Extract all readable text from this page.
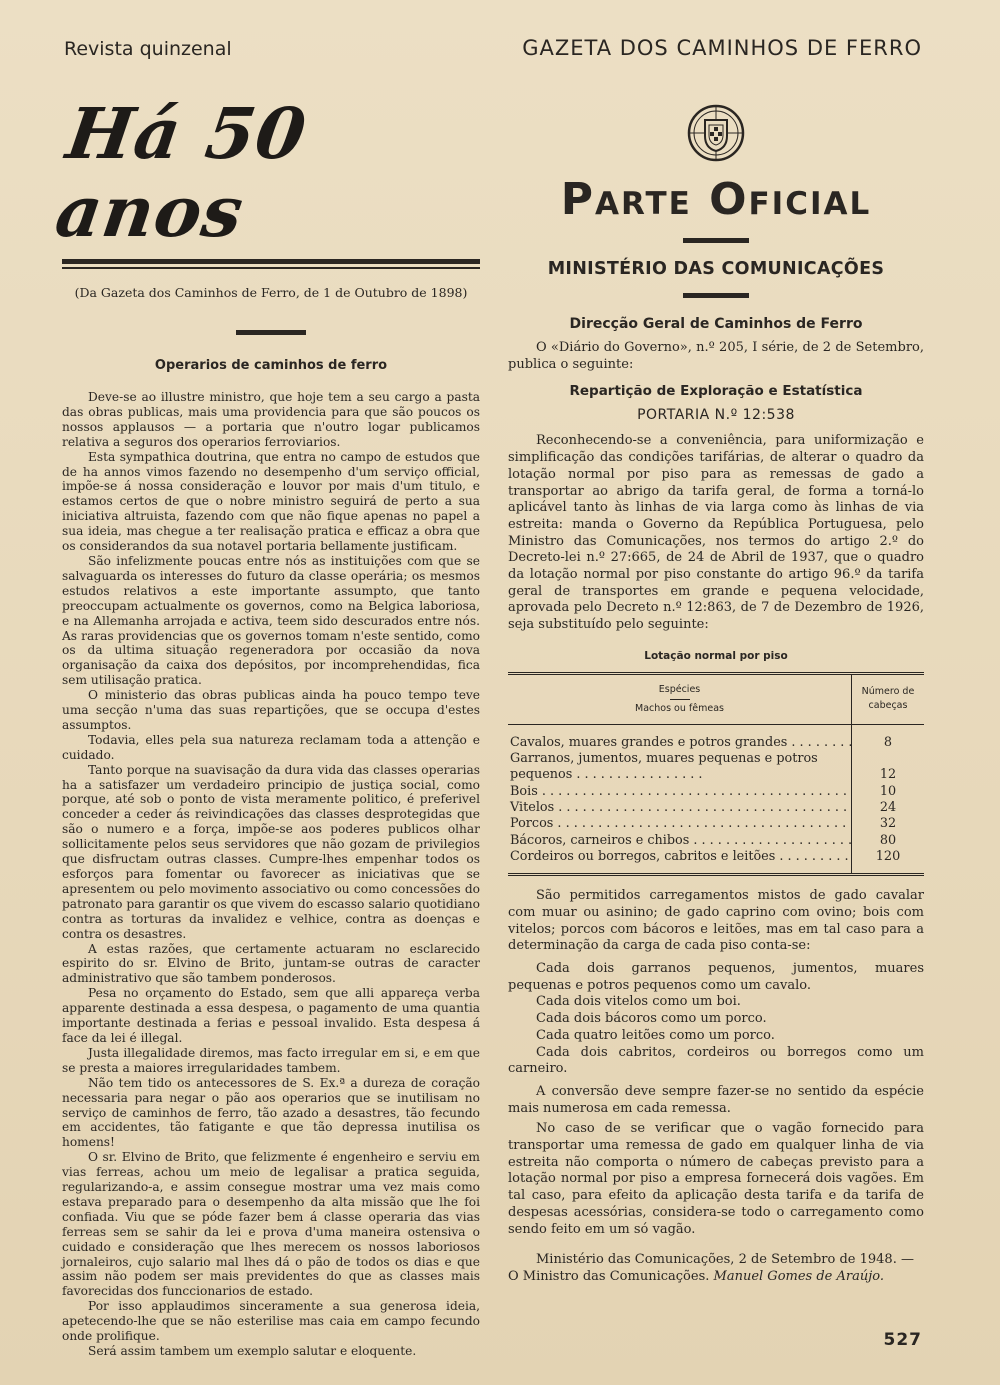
Revista quinzenal	GAZETA DOS CAMINHOS DE FERRO
Há 50 anos
(Da Gazeta dos Caminhos de Ferro, de 1 de Outubro de 1898)
Operarios de caminhos de ferro

Deve-se ao illustre ministro, que hoje tem a seu cargo a pasta das obras publicas, mais uma providencia para que são poucos os nossos applausos — a portaria que n'outro logar publicamos relativa a seguros dos operarios ferroviarios.

Esta sympathica doutrina, que entra no campo de estudos que de ha annos vimos fazendo no desempenho d'um serviço official, impõe-se á nossa consideração e louvor por mais d'um titulo, e estamos certos de que o nobre ministro seguirá de perto a sua iniciativa altruista, fazendo com que não fique apenas no papel a sua ideia, mas chegue a ter realisação pratica e efficaz a obra que os considerandos da sua notavel portaria bellamente justificam.

São infelizmente poucas entre nós as instituições com que se salvaguarda os interesses do futuro da classe operária; os mesmos estudos relativos a este importante assumpto, que tanto preoccupam actualmente os governos, como na Belgica laboriosa, e na Allemanha arrojada e activa, teem sido descurados entre nós. As raras providencias que os governos tomam n'este sentido, como os da ultima situação regeneradora por occasião da nova organisação da caixa dos depósitos, por incomprehendidas, fica sem utilisação pratica.

O ministerio das obras publicas ainda ha pouco tempo teve uma secção n'uma das suas repartições, que se occupa d'estes assumptos.

Todavia, elles pela sua natureza reclamam toda a attenção e cuidado.

Tanto porque na suavisação da dura vida das classes operarias ha a satisfazer um verdadeiro principio de justiça social, como porque, até sob o ponto de vista meramente politico, é preferivel conceder a ceder ás reivindicações das classes desprotegidas que são o numero e a força, impõe-se aos poderes publicos olhar sollicitamente pelos seus servidores que não gozam de privilegios que disfructam outras classes. Cumpre-lhes empenhar todos os esforços para fomentar ou favorecer as iniciativas que se apresentem ou pelo movimento associativo ou como concessões do patronato para garantir os que vivem do escasso salario quotidiano contra as torturas da invalidez e velhice, contra as doenças e contra os desastres.

A estas razões, que certamente actuaram no esclarecido espirito do sr. Elvino de Brito, juntam-se outras de caracter administrativo que são tambem ponderosos.

Pesa no orçamento do Estado, sem que alli appareça verba apparente destinada a essa despesa, o pagamento de uma quantia importante destinada a ferias e pessoal invalido. Esta despesa á face da lei é illegal.

Justa illegalidade diremos, mas facto irregular em si, e em que se presta a maiores irregularidades tambem.

Não tem tido os antecessores de S. Ex.ª a dureza de coração necessaria para negar o pão aos operarios que se inutilisam no serviço de caminhos de ferro, tão azado a desastres, tão fecundo em accidentes, tão fatigante e que tão depressa inutilisa os homens!

O sr. Elvino de Brito, que felizmente é engenheiro e serviu em vias ferreas, achou um meio de legalisar a pratica seguida, regularizando-a, e assim consegue mostrar uma vez mais como estava preparado para o desempenho da alta missão que lhe foi confiada. Viu que se póde fazer bem á classe operaria das vias ferreas sem se sahir da lei e prova d'uma maneira ostensiva o cuidado e consideração que lhes merecem os nossos laboriosos jornaleiros, cujo salario mal lhes dá o pão de todos os dias e que assim não podem ser mais previdentes do que as classes mais favorecidas dos funccionarios de estado.

Por isso applaudimos sinceramente a sua generosa ideia, apetecendo-lhe que se não esterilise mas caia em campo fecundo onde prolifique.

Será assim tambem um exemplo salutar e eloquente.

Parte Oficial
MINISTÉRIO DAS COMUNICAÇÕES
Direcção Geral de Caminhos de Ferro

O «Diário do Governo», n.º 205, I série, de 2 de Setembro, publica o seguinte:

Repartição de Exploração e Estatística
PORTARIA N.º 12:538

Reconhecendo-se a conveniência, para uniformização e simplificação das condições tarifárias, de alterar o quadro da lotação normal por piso para as remessas de gado a transportar ao abrigo da tarifa geral, de forma a torná-lo aplicável tanto às linhas de via larga como às linhas de via estreita: manda o Governo da República Portuguesa, pelo Ministro das Comunicações, nos termos do artigo 2.º do Decreto-lei n.º 27:665, de 24 de Abril de 1937, que o quadro da lotação normal por piso constante do artigo 96.º da tarifa geral de transportes em grande e pequena velocidade, aprovada pelo Decreto n.º 12:863, de 7 de Dezembro de 1926, seja substituído pelo seguinte:

Lotação normal por piso
Espécies
Machos ou fêmeas	Número de cabeças
Cavalos, muares grandes e potros grandes . . .	8
Garranos, jumentos, muares pequenas e potros pequenos . . . . . . . . . . . . . . . .	12
Bois . . .	10
Vitelos . . .	24
Porcos . . .	32
Bácoros, carneiros e chibos . . .	80
Cordeiros ou borregos, cabritos e leitões . . .	120

São permitidos carregamentos mistos de gado cavalar com muar ou asinino; de gado caprino com ovino; bois com vitelos; porcos com bácoros e leitões, mas em tal caso para a determinação da carga de cada piso conta-se:

Cada dois garranos pequenos, jumentos, muares pequenas e potros pequenos como um cavalo.

Cada dois vitelos como um boi.

Cada dois bácoros como um porco.

Cada quatro leitões como um porco.

Cada dois cabritos, cordeiros ou borregos como um carneiro.

A conversão deve sempre fazer-se no sentido da espécie mais numerosa em cada remessa.

No caso de se verificar que o vagão fornecido para transportar uma remessa de gado em qualquer linha de via estreita não comporta o número de cabeças previsto para a lotação normal por piso a empresa fornecerá dois vagões. Em tal caso, para efeito da aplicação desta tarifa e da tarifa de despesas acessórias, considera-se todo o carregamento como sendo feito em um só vagão.

Ministério das Comunicações, 2 de Setembro de 1948. —

O Ministro das Comunicações. Manuel Gomes de Araújo.

527
